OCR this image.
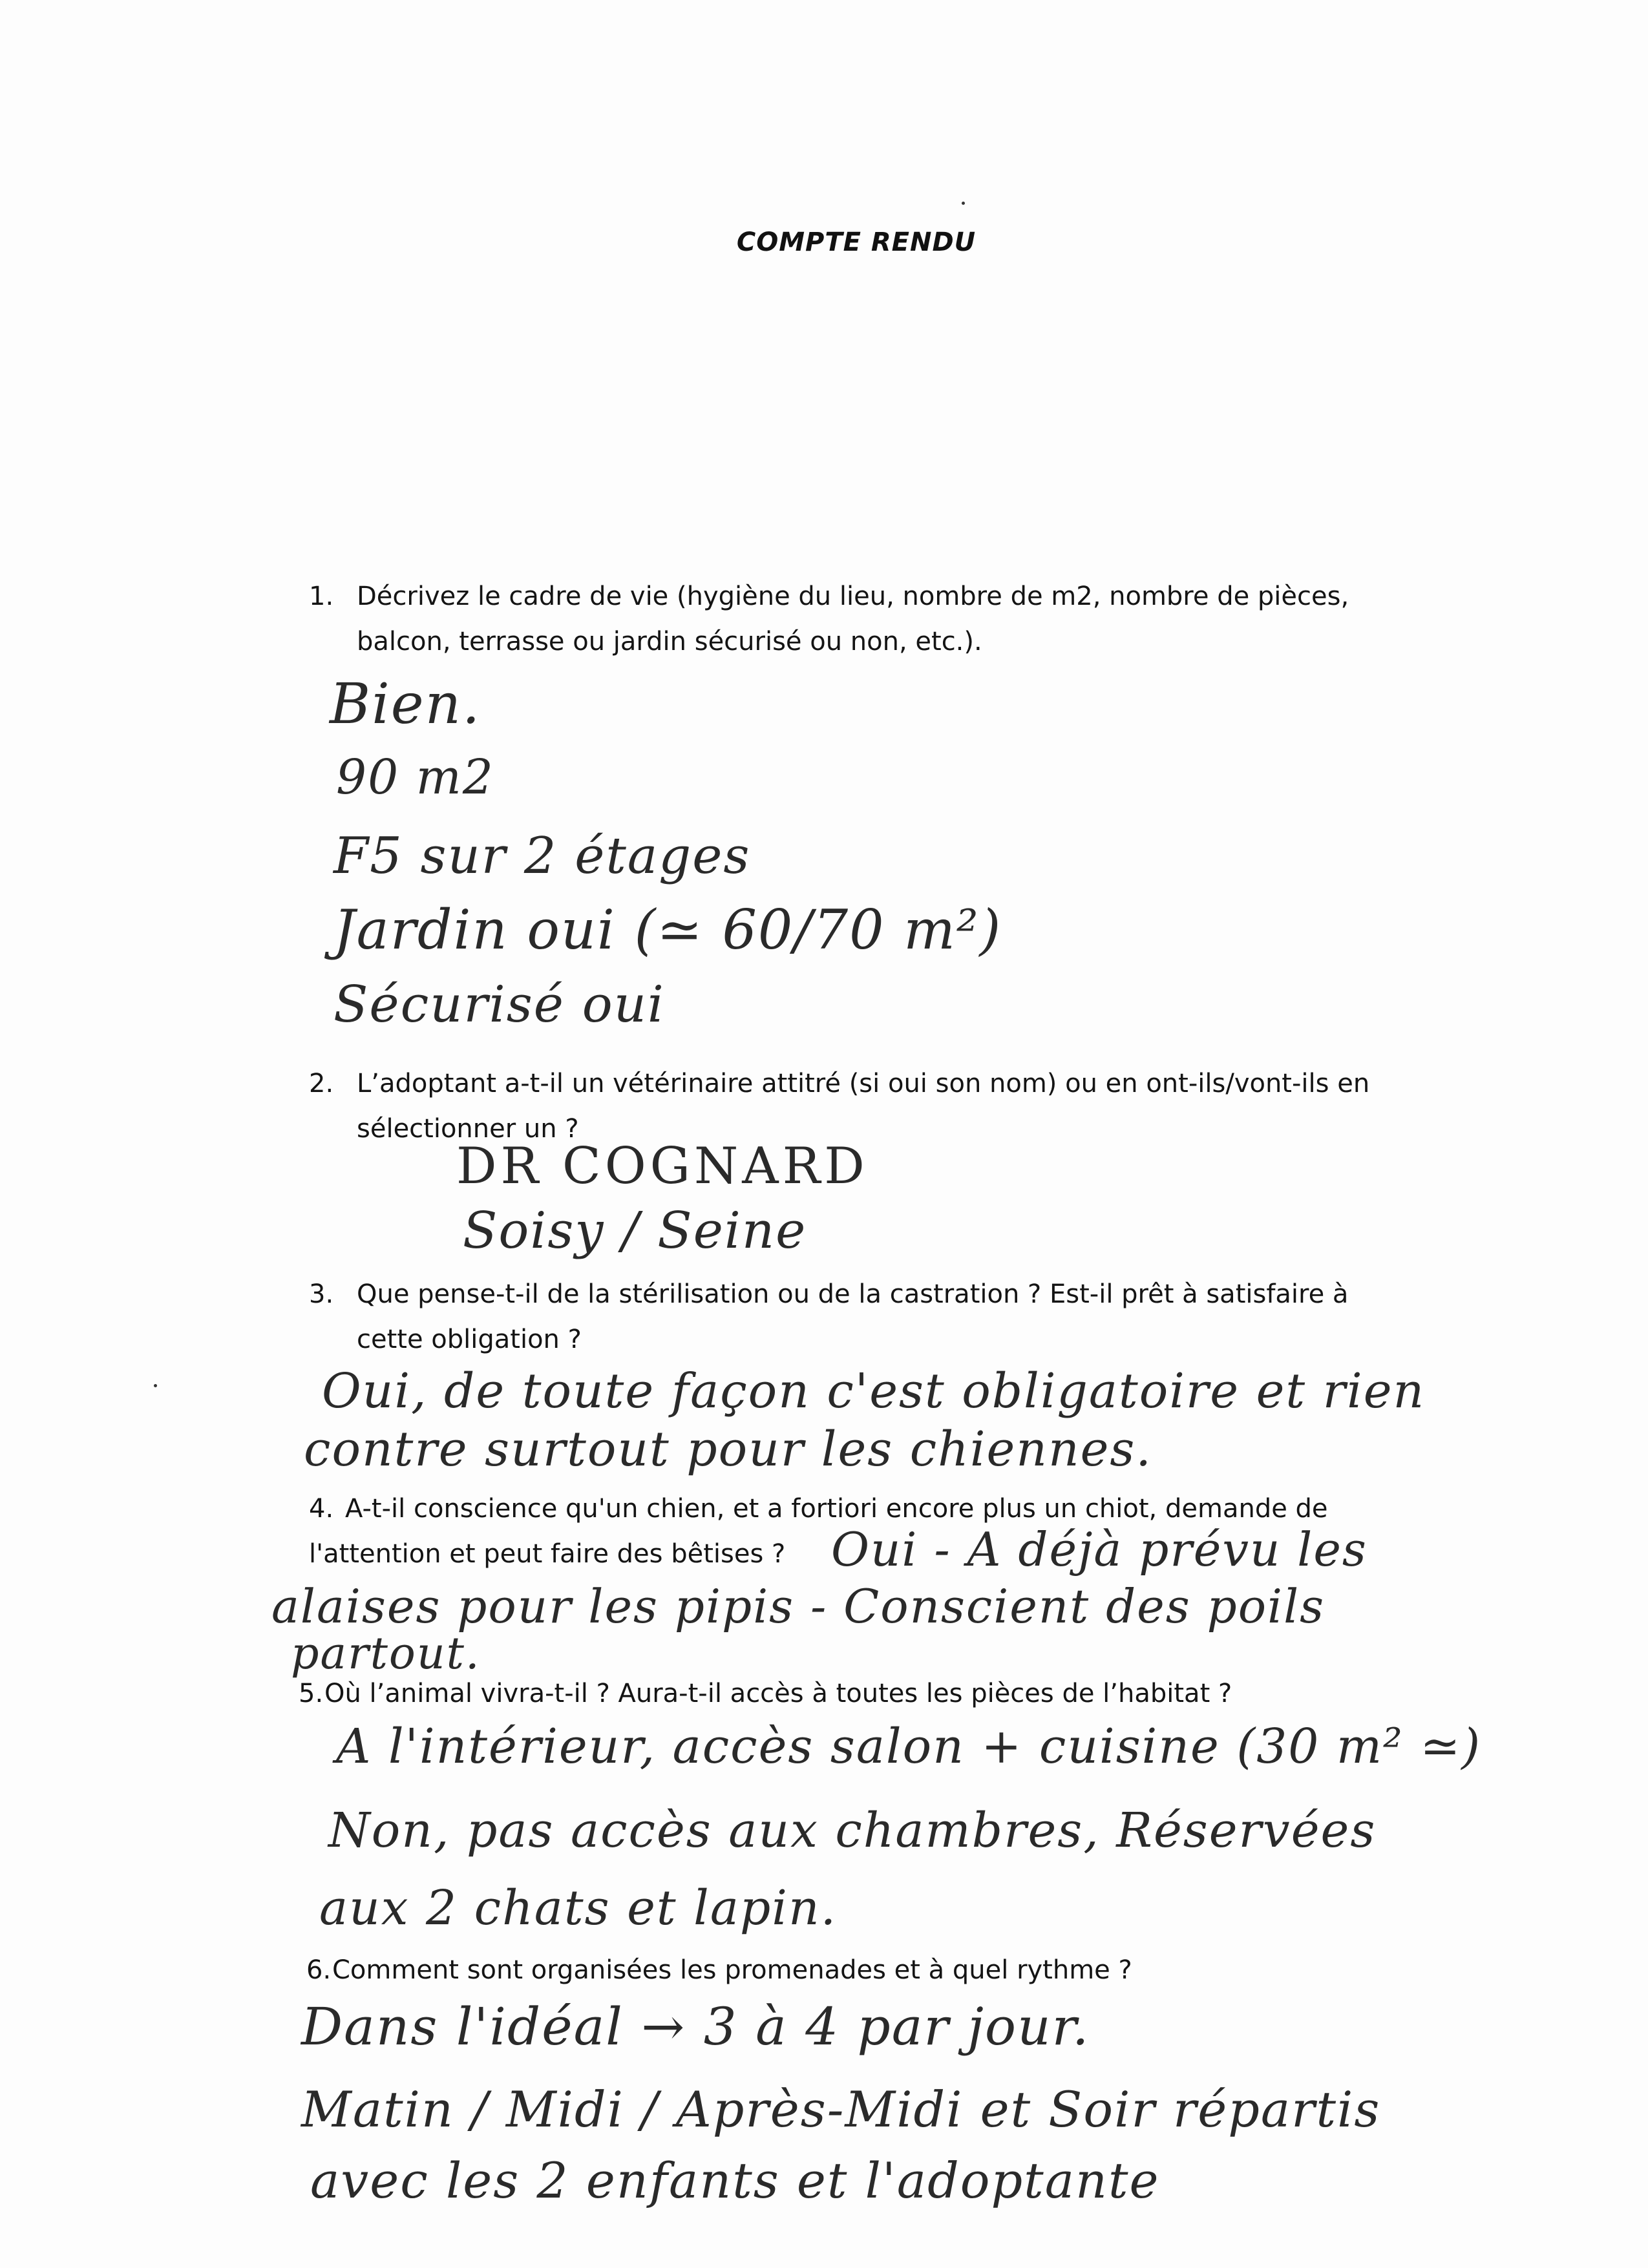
COMPTE RENDU
1. Décrivez le cadre de vie (hygiène du lieu, nombre de m2, nombre de pièces,
balcon, terrasse ou jardin sécurisé ou non, etc.).
Bien.
90 m2
F5 sur 2 étages
Jardin oui (≃ 60/70 m²)
Sécurisé oui
2. L’adoptant a-t-il un vétérinaire attitré (si oui son nom) ou en ont-ils/vont-ils en
sélectionner un ?
DR COGNARD
Soisy / Seine
3. Que pense-t-il de la stérilisation ou de la castration ? Est-il prêt à satisfaire à
cette obligation ?
Oui, de toute façon c'est obligatoire et rien
contre surtout pour les chiennes.
4. A-t-il conscience qu'un chien, et a fortiori encore plus un chiot, demande de
l'attention et peut faire des bêtises ? Oui - A déjà prévu les
alaises pour les pipis - Conscient des poils
partout.
5.Où l’animal vivra-t-il ? Aura-t-il accès à toutes les pièces de l’habitat ?
A l'intérieur, accès salon + cuisine (30 m² ≃)
Non, pas accès aux chambres, Réservées
aux 2 chats et lapin.
6.Comment sont organisées les promenades et à quel rythme ?
Dans l'idéal → 3 à 4 par jour.
Matin / Midi / Après-Midi et Soir répartis
avec les 2 enfants et l'adoptante
